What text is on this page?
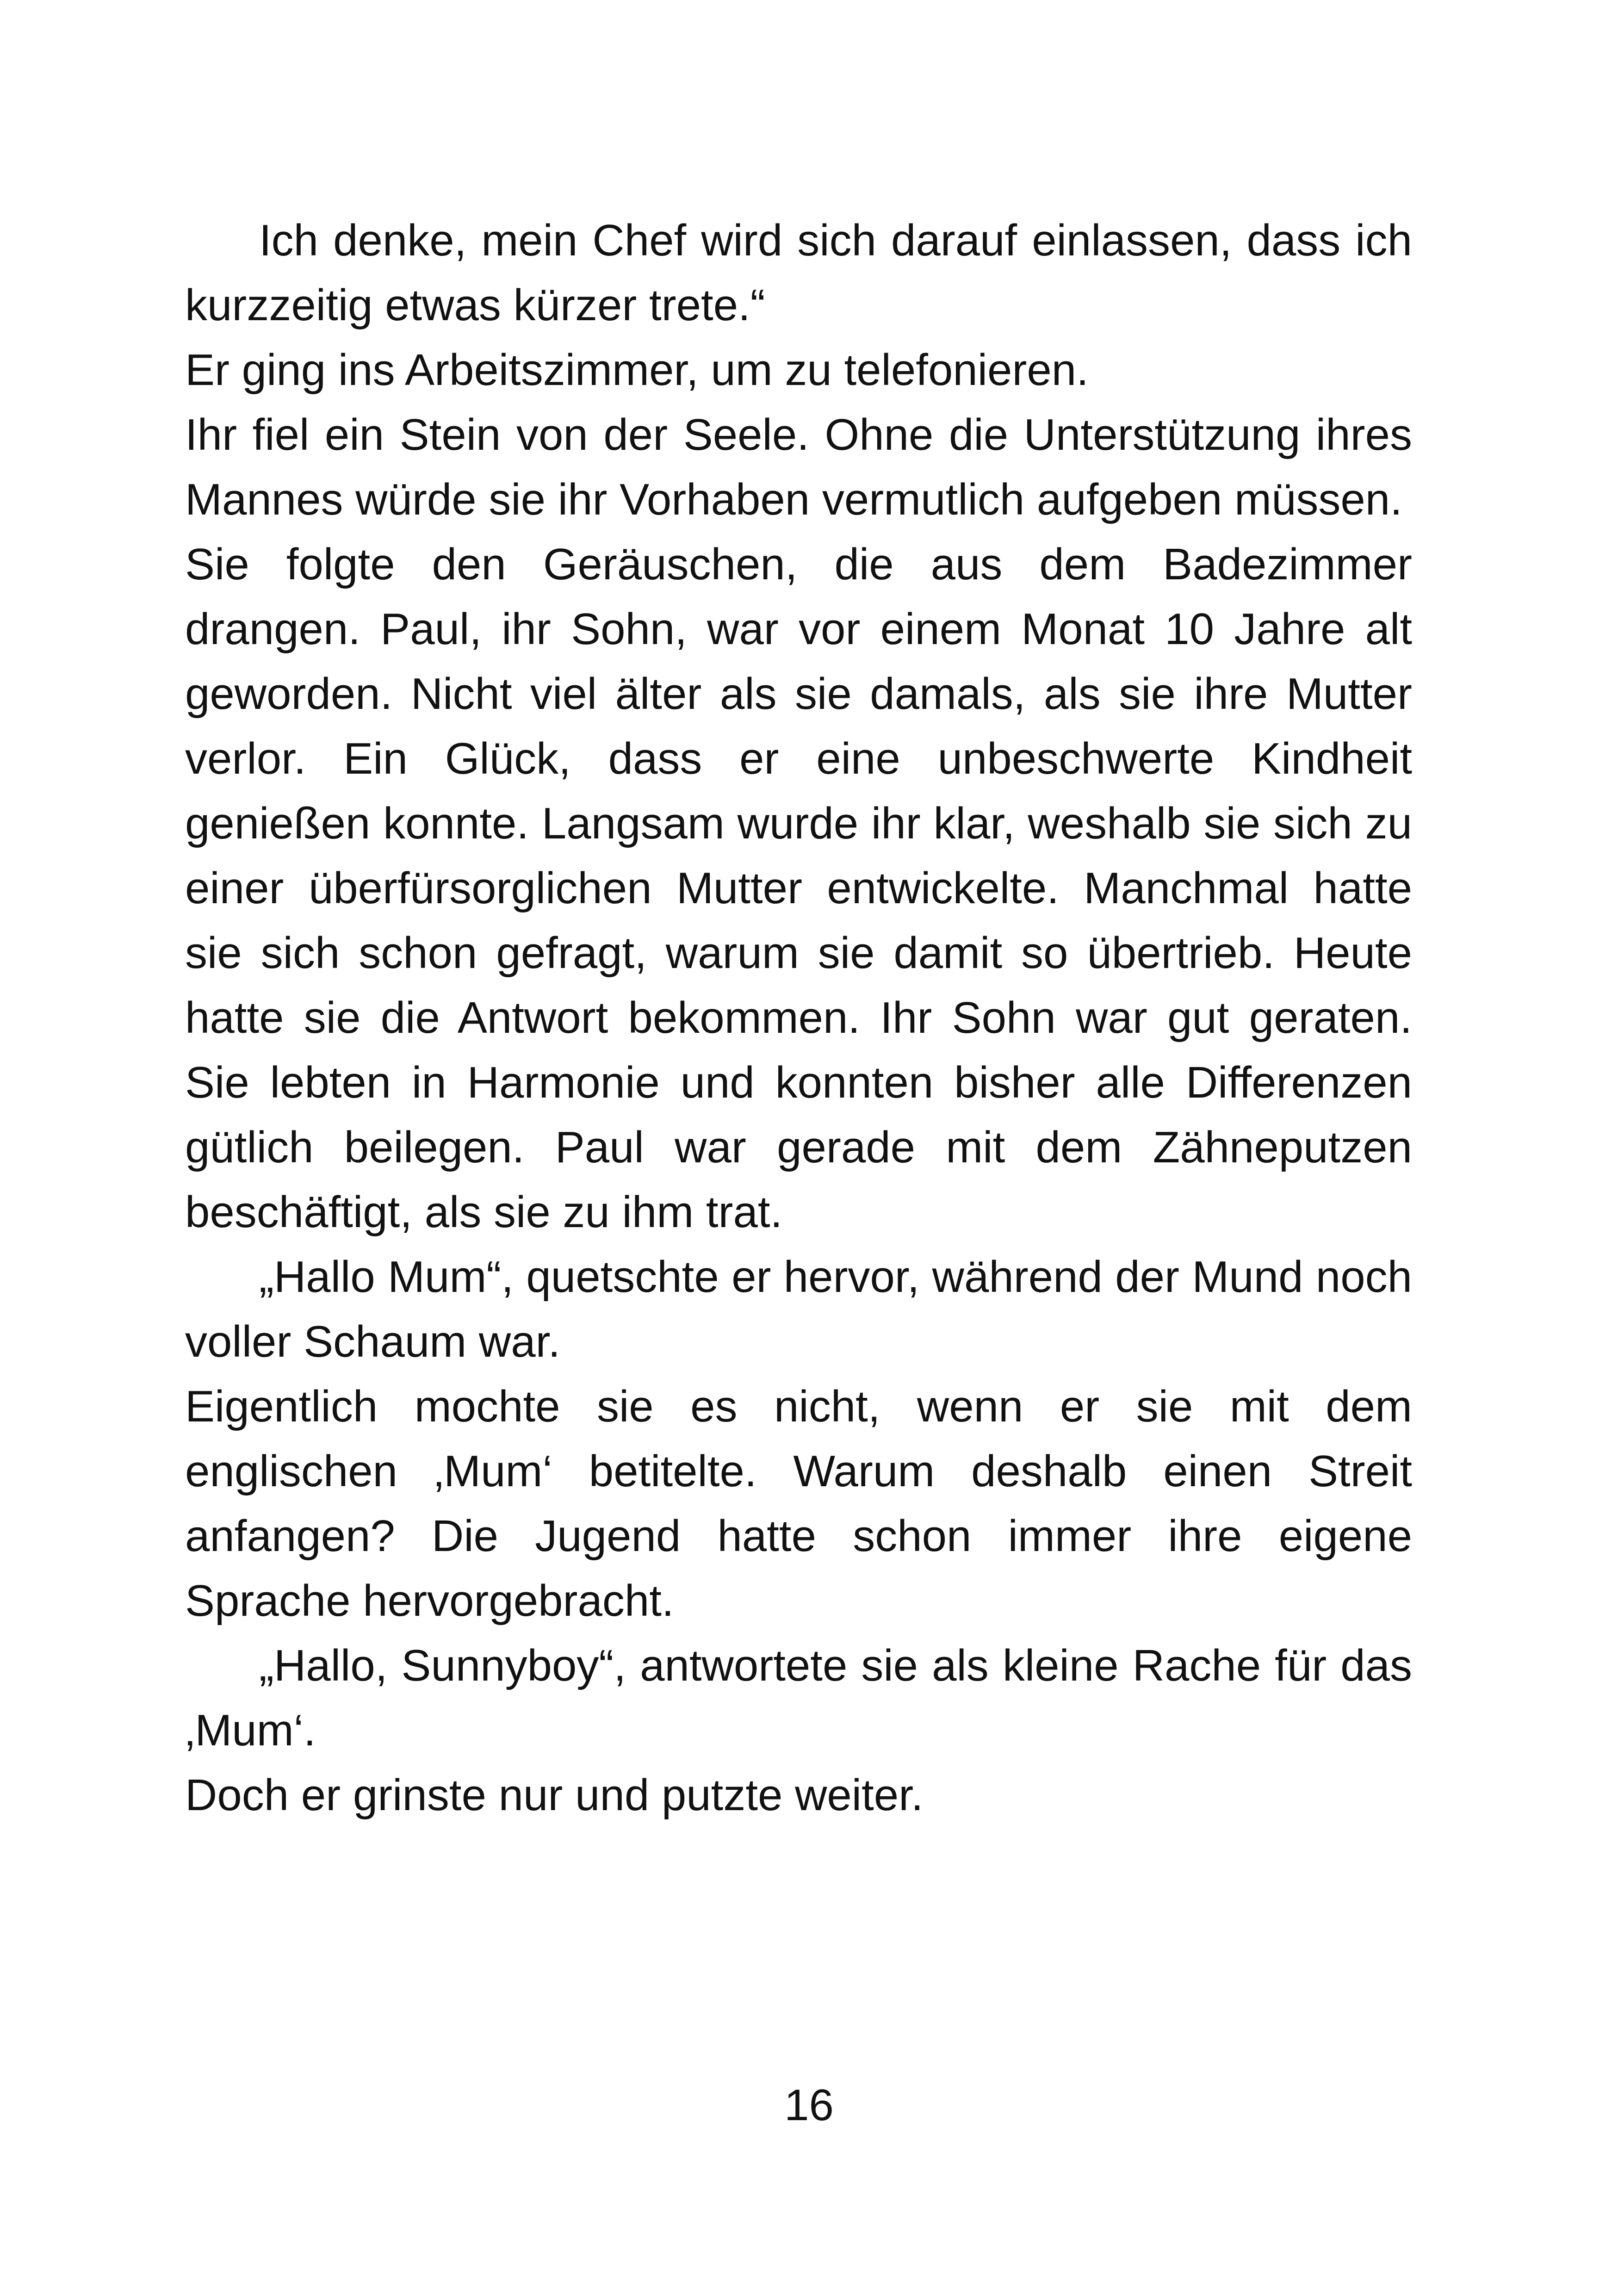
Ich denke, mein Chef wird sich darauf einlassen, dass ich kurzzeitig etwas kürzer trete.“

Er ging ins Arbeitszimmer, um zu telefonieren.

Ihr fiel ein Stein von der Seele. Ohne die Unterstützung ihres Mannes würde sie ihr Vorhaben vermutlich aufgeben müssen.

Sie folgte den Geräuschen, die aus dem Badezimmer drangen. Paul, ihr Sohn, war vor einem Monat 10 Jahre alt geworden. Nicht viel älter als sie damals, als sie ihre Mutter verlor. Ein Glück, dass er eine unbeschwerte Kindheit genießen konnte. Langsam wurde ihr klar, weshalb sie sich zu einer überfürsorglichen Mutter entwickelte. Manchmal hatte sie sich schon gefragt, warum sie damit so übertrieb. Heute hatte sie die Antwort bekommen. Ihr Sohn war gut geraten. Sie lebten in Harmonie und konnten bisher alle Differenzen gütlich beilegen. Paul war gerade mit dem Zähneputzen beschäftigt, als sie zu ihm trat.

„Hallo Mum“, quetschte er hervor, während der Mund noch voller Schaum war.

Eigentlich mochte sie es nicht, wenn er sie mit dem englischen ‚Mum‘ betitelte. Warum deshalb einen Streit anfangen? Die Jugend hatte schon immer ihre eigene Sprache hervorgebracht.

„Hallo, Sunnyboy“, antwortete sie als kleine Rache für das ‚Mum‘.

Doch er grinste nur und putzte weiter.

16
